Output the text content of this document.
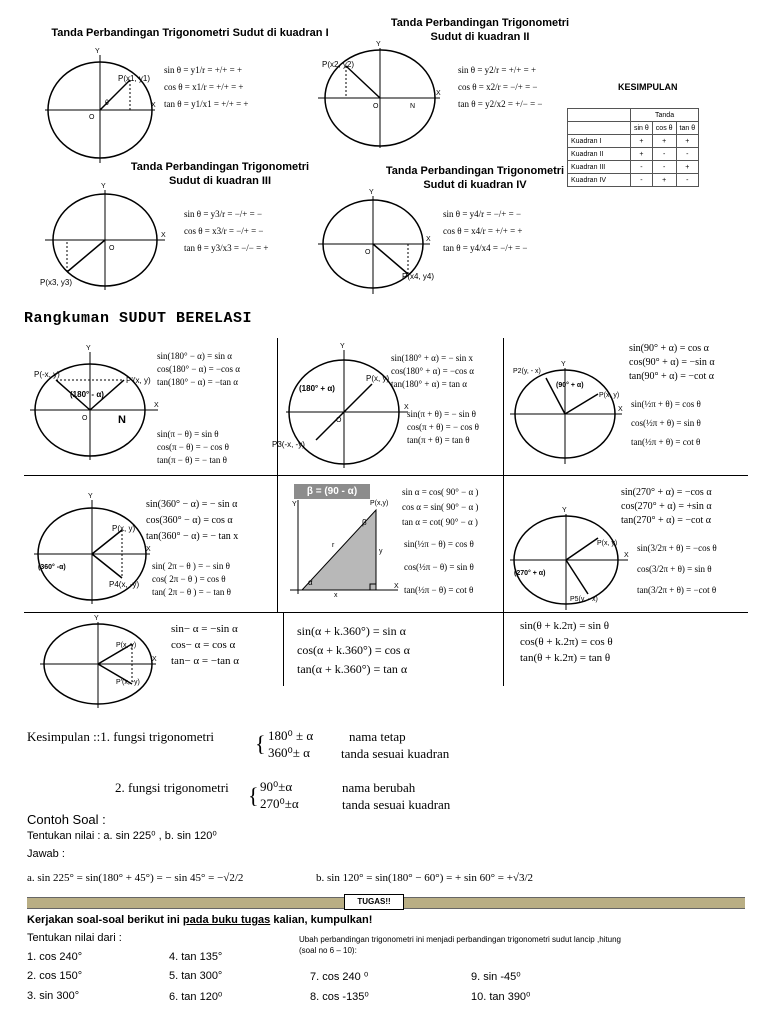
Tanda Perbandingan Trigonometri Sudut di kuadran I
X
Y
O
θ
P(x1, y1)
sin θ = y1/r = +/+ = +
cos θ = x1/r = +/+ = +
tan θ = y1/x1 = +/+ = +
Tanda Perbandingan Trigonometri Sudut di kuadran II
X
Y
O	N
P(x2, y2)
sin θ = y2/r = +/+ = +
cos θ = x2/r = −/+ = −
tan θ = y2/x2 = +/− = −
KESIMPULAN
	Tanda		
	sin θ	cos θ	tan θ
Kuadran I	+	+	+
Kuadran II	+	-	-
Kuadran III	-	-	+
Kuadran IV	-	+	-
Tanda Perbandingan Trigonometri Sudut di kuadran III
X
Y
O
P(x3, y3)
sin θ = y3/r = −/+ = −
cos θ = x3/r = −/+ = −
tan θ = y3/x3 = −/− = +
Tanda Perbandingan Trigonometri Sudut di kuadran IV
X
Y
O
P(x4, y4)
sin θ = y4/r = −/+ = −
cos θ = x4/r = +/+ = +
tan θ = y4/x4 = −/+ = −
Rangkuman SUDUT BERELASI
X
Y
O
P(-x, y)
P'(x, y)
(180° - α)
N
sin(180° − α) = sin α
cos(180° − α) = −cos α
tan(180° − α) = −tan α
sin(π − θ) = sin θ
cos(π − θ) = − cos θ
tan(π − θ) = − tan θ
X
Y
O
(180° + α)
P(x, y)
P3(-x, -y)
sin(180° + α) = − sin x
cos(180° + α) = −cos α
tan(180° + α) = tan α
sin(π + θ) = − sin θ
cos(π + θ) = − cos θ
tan(π + θ) = tan θ
X
Y
P2(y, - x)
(90° + α)
P(x, y)
sin(90° + α) = cos α
cos(90° + α) = −sin α
tan(90° + α) = −cot α
sin(½π + θ) = cos θ
cos(½π + θ) = sin θ
tan(½π + θ) = cot θ
X
Y
P(x, y)
(360° -α)
P4(x, -y)
sin(360° − α) = − sin α
cos(360° − α) = cos α
tan(360° − α) = − tan x
sin( 2π − θ ) = − sin θ
cos( 2π − θ ) = cos θ
tan( 2π − θ ) = − tan θ
β = (90 - α)
Y
X
P(x,y)
β
r
y
α
x
sin α = cos( 90° − α )
cos α = sin( 90° − α )
tan α = cot( 90° − α )
sin(½π − θ) = cos θ
cos(½π − θ) = sin θ
tan(½π − θ) = cot θ
X
Y
P(x, y)
(270° + α)
P5(y, - x)
sin(270° + α) = −cos α
cos(270° + α) = +sin α
tan(270° + α) = −cot α
sin(3/2π + θ) = −cos θ
cos(3/2π + θ) = sin θ
tan(3/2π + θ) = −cot θ
X
Y
P(x, y)
P'(x, -y)
sin− α = −sin α
cos− α = cos α
tan− α = −tan α
sin(α + k.360°) = sin α
cos(α + k.360°) = cos α
tan(α + k.360°) = tan α
sin(θ + k.2π) = sin θ
cos(θ + k.2π) = cos θ
tan(θ + k.2π) = tan θ
Kesimpulan ::1. fungsi trigonometri { 180⁰ ± α
360⁰± α
nama tetap
tanda sesuai kuadran
2. fungsi trigonometri { 90⁰±α
270⁰±α
nama berubah
tanda sesuai kuadran
Contoh Soal :
Tentukan nilai : a. sin 225⁰ , b. sin 120⁰
Jawab :
a. sin 225° = sin(180° + 45°) = − sin 45° = −√2/2	b. sin 120° = sin(180° − 60°) = + sin 60° = +√3/2
TUGAS!!
Kerjakan soal-soal berikut ini pada buku tugas kalian, kumpulkan!
Tentukan nilai dari :	Ubah perbandingan trigonometri ini menjadi perbandingan trigonometri sudut lancip ,hitung
(soal no 6 – 10):
1. cos 240°
2. cos 150°
3. sin 300°
4. tan 135°
5. tan 300°
6. tan 120⁰
7. cos 240 ⁰
8. cos -135⁰
9. sin -45⁰
10. tan 390⁰
